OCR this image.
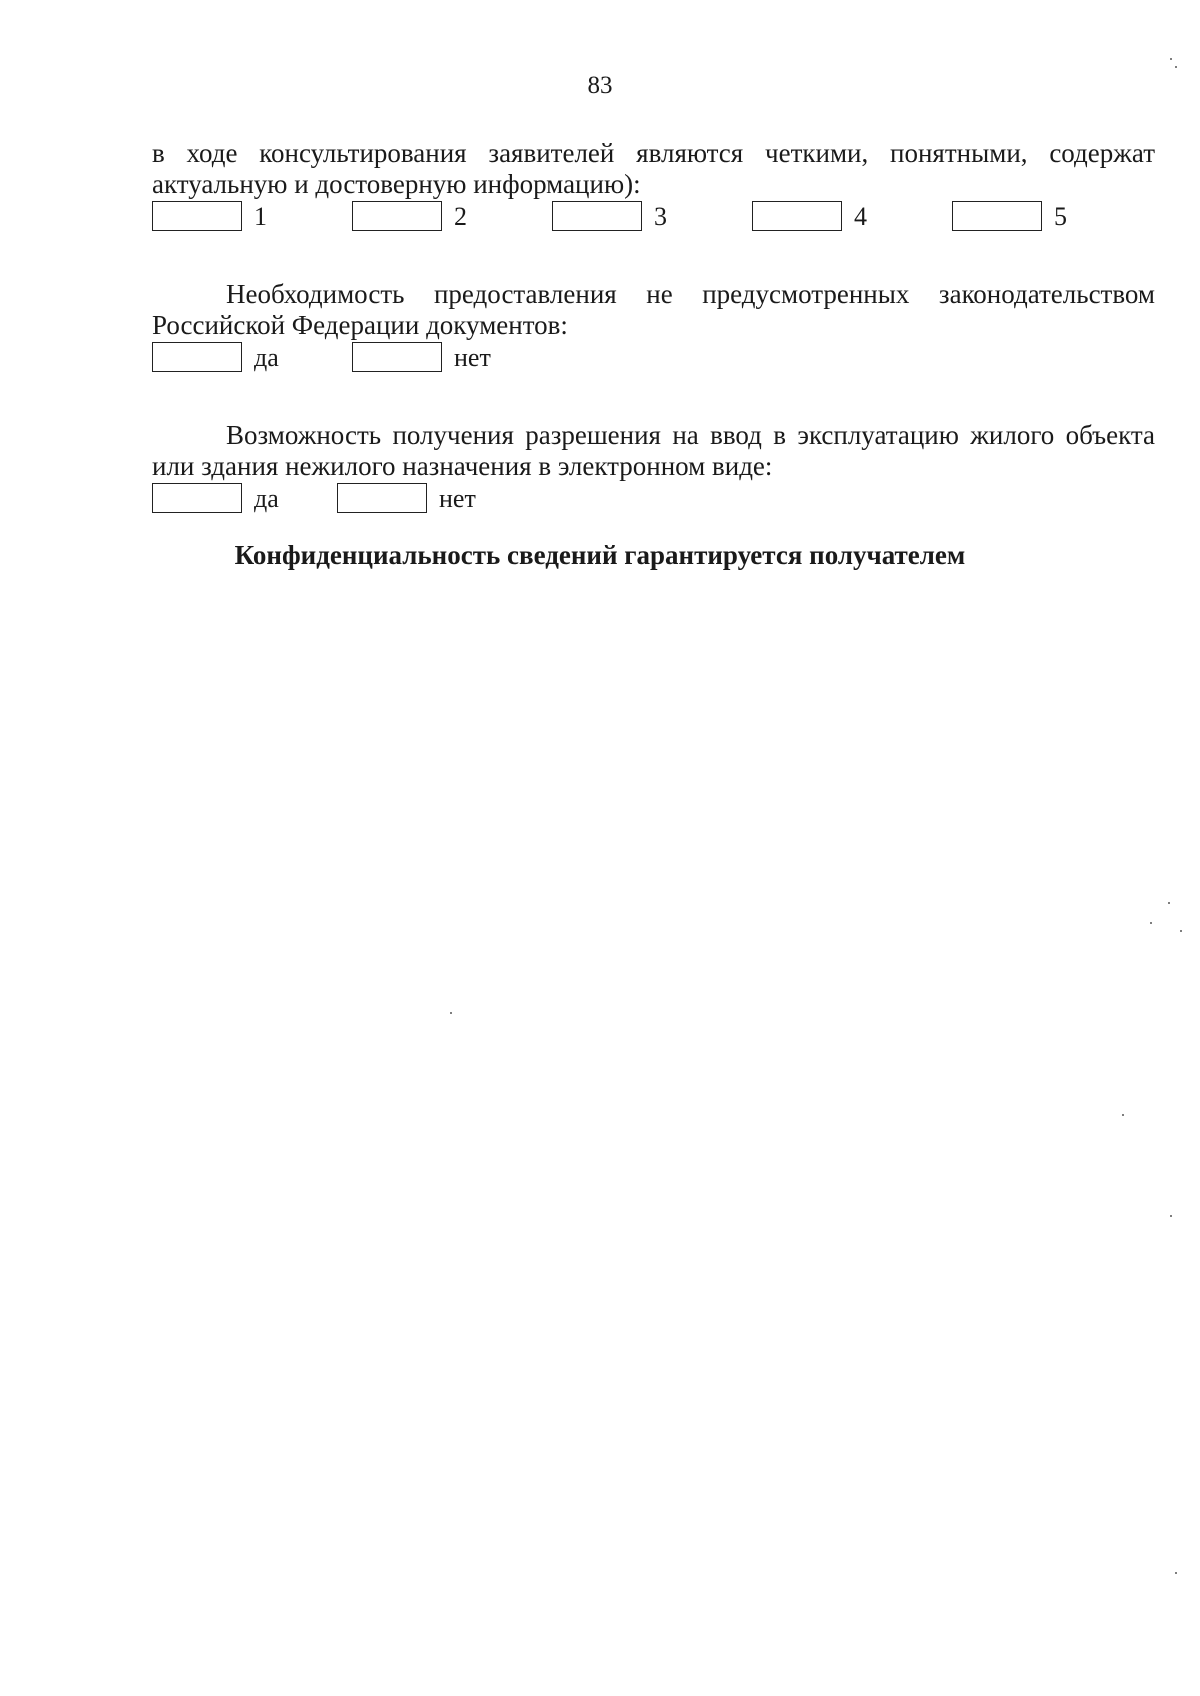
83

в ходе консультирования заявителей являются четкими, понятными, содержат актуальную и достоверную информацию):

1	2	3	4	5

Необходимость предоставления не предусмотренных законодательством Российской Федерации документов:

да	нет

Возможность получения разрешения на ввод в эксплуатацию жилого объекта или здания нежилого назначения в электронном виде:

да	нет
Конфиденциальность сведений гарантируется получателем
